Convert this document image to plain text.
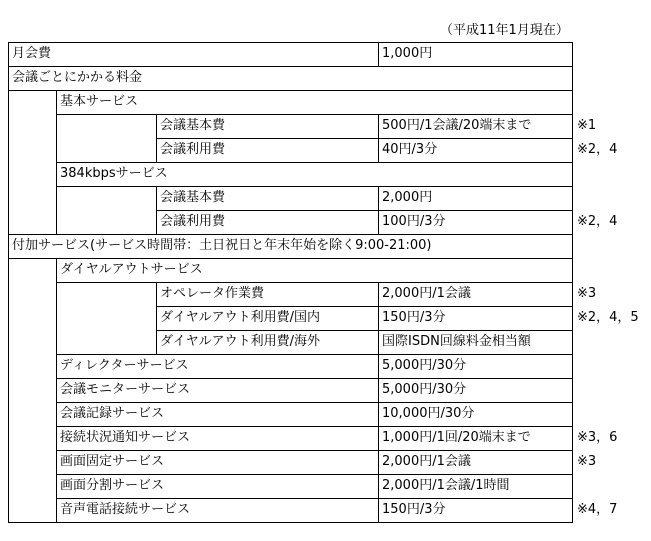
（平成11年1月現在）
月会費	1,000円
会議ごとにかかる料金
基本サービス
会議基本費	500円/1会議/20端末まで	※1
会議利用費	40円/3分	※2，4
384kbpsサービス
会議基本費	2,000円
会議利用費	100円/3分	※2，4
付加サービス(サービス時間帯：土日祝日と年末年始を除く9:00-21:00)
ダイヤルアウトサービス
オペレータ作業費	2,000円/1会議	※3
ダイヤルアウト利用費/国内	150円/3分	※2，4，5
ダイヤルアウト利用費/海外	国際ISDN回線料金相当額
ディレクターサービス	5,000円/30分
会議モニターサービス	5,000円/30分
会議記録サービス	10,000円/30分
接続状況通知サービス	1,000円/1回/20端末まで	※3，6
画面固定サービス	2,000円/1会議	※3
画面分割サービス	2,000円/1会議/1時間
音声電話接続サービス	150円/3分	※4，7
